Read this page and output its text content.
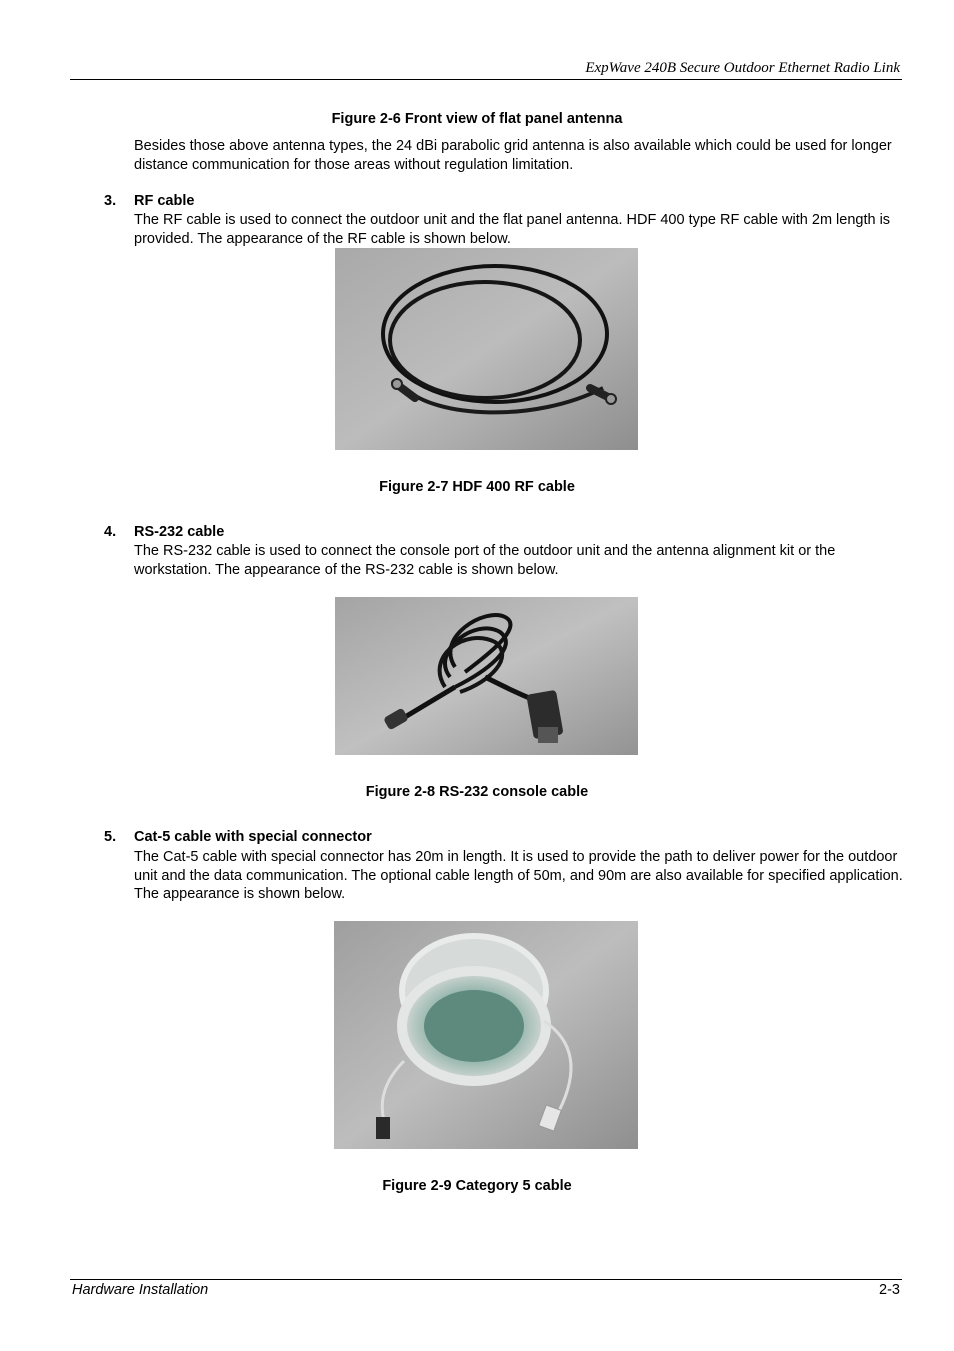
ExpWave 240B Secure Outdoor Ethernet Radio Link
Figure 2-6 Front view of flat panel antenna
Besides those above antenna types, the 24 dBi parabolic grid antenna is also available which could be used for longer distance communication for those areas without regulation limitation.
3. RF cable
The RF cable is used to connect the outdoor unit and the flat panel antenna. HDF 400 type RF cable with 2m length is provided. The appearance of the RF cable is shown below.
Figure 2-7 HDF 400 RF cable
4. RS-232 cable
The RS-232 cable is used to connect the console port of the outdoor unit and the antenna alignment kit or the workstation. The appearance of the RS-232 cable is shown below.
Figure 2-8 RS-232 console cable
5. Cat-5 cable with special connector
The Cat-5 cable with special connector has 20m in length. It is used to provide the path to deliver power for the outdoor unit and the data communication. The optional cable length of 50m, and 90m are also available for specified application. The appearance is shown below.
Figure 2-9 Category 5 cable
Hardware Installation	2-3
